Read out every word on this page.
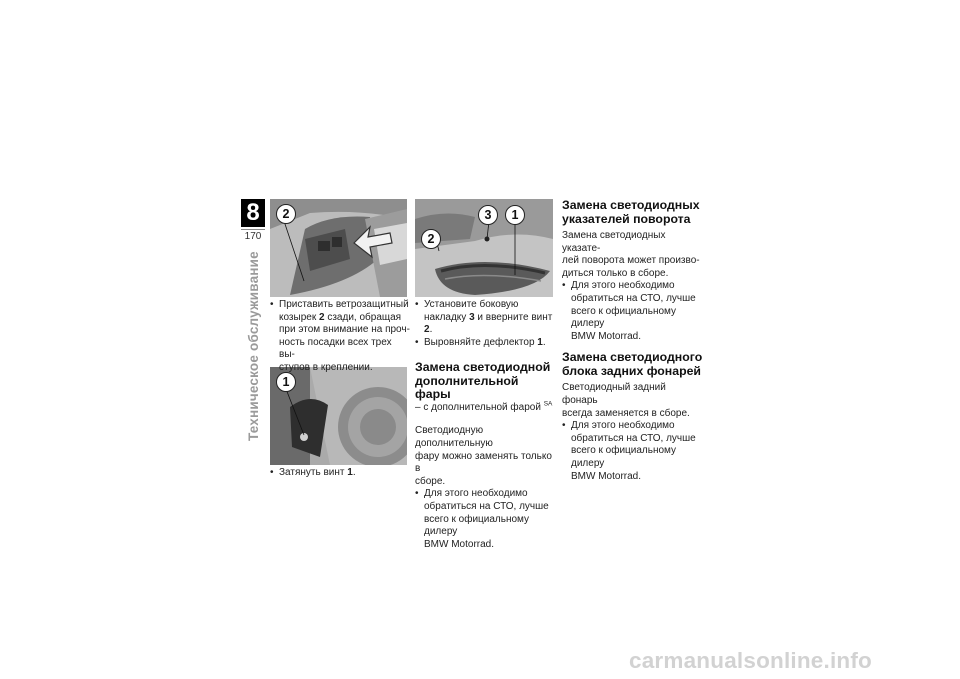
8
170
Техническое обслуживание
2
1
3	1
2
• Приставить ветрозащитный
козырек 2 сзади, обращая
при этом внимание на проч-
ность посадки всех трех вы-
ступов в креплении.
• Затянуть винт 1.
• Установите боковую
накладку 3 и вверните винт 2.
• Выровняйте дефлектор 1.
Замена светодиодной
дополнительной фары
– с дополнительной фарой $^{SA}$
Светодиодную дополнительную
фару можно заменять только в
сборе.
• Для этого необходимо
обратиться на СТО, лучше
всего к официальному дилеру
BMW Motorrad.
Замена светодиодных
указателей поворота
Замена светодиодных указате-
лей поворота может произво-
диться только в сборе.
• Для этого необходимо
обратиться на СТО, лучше
всего к официальному дилеру
BMW Motorrad.
Замена светодиодного
блока задних фонарей
Светодиодный задний фонарь
всегда заменяется в сборе.
• Для этого необходимо
обратиться на СТО, лучше
всего к официальному дилеру
BMW Motorrad.
carmanualsonline.info
